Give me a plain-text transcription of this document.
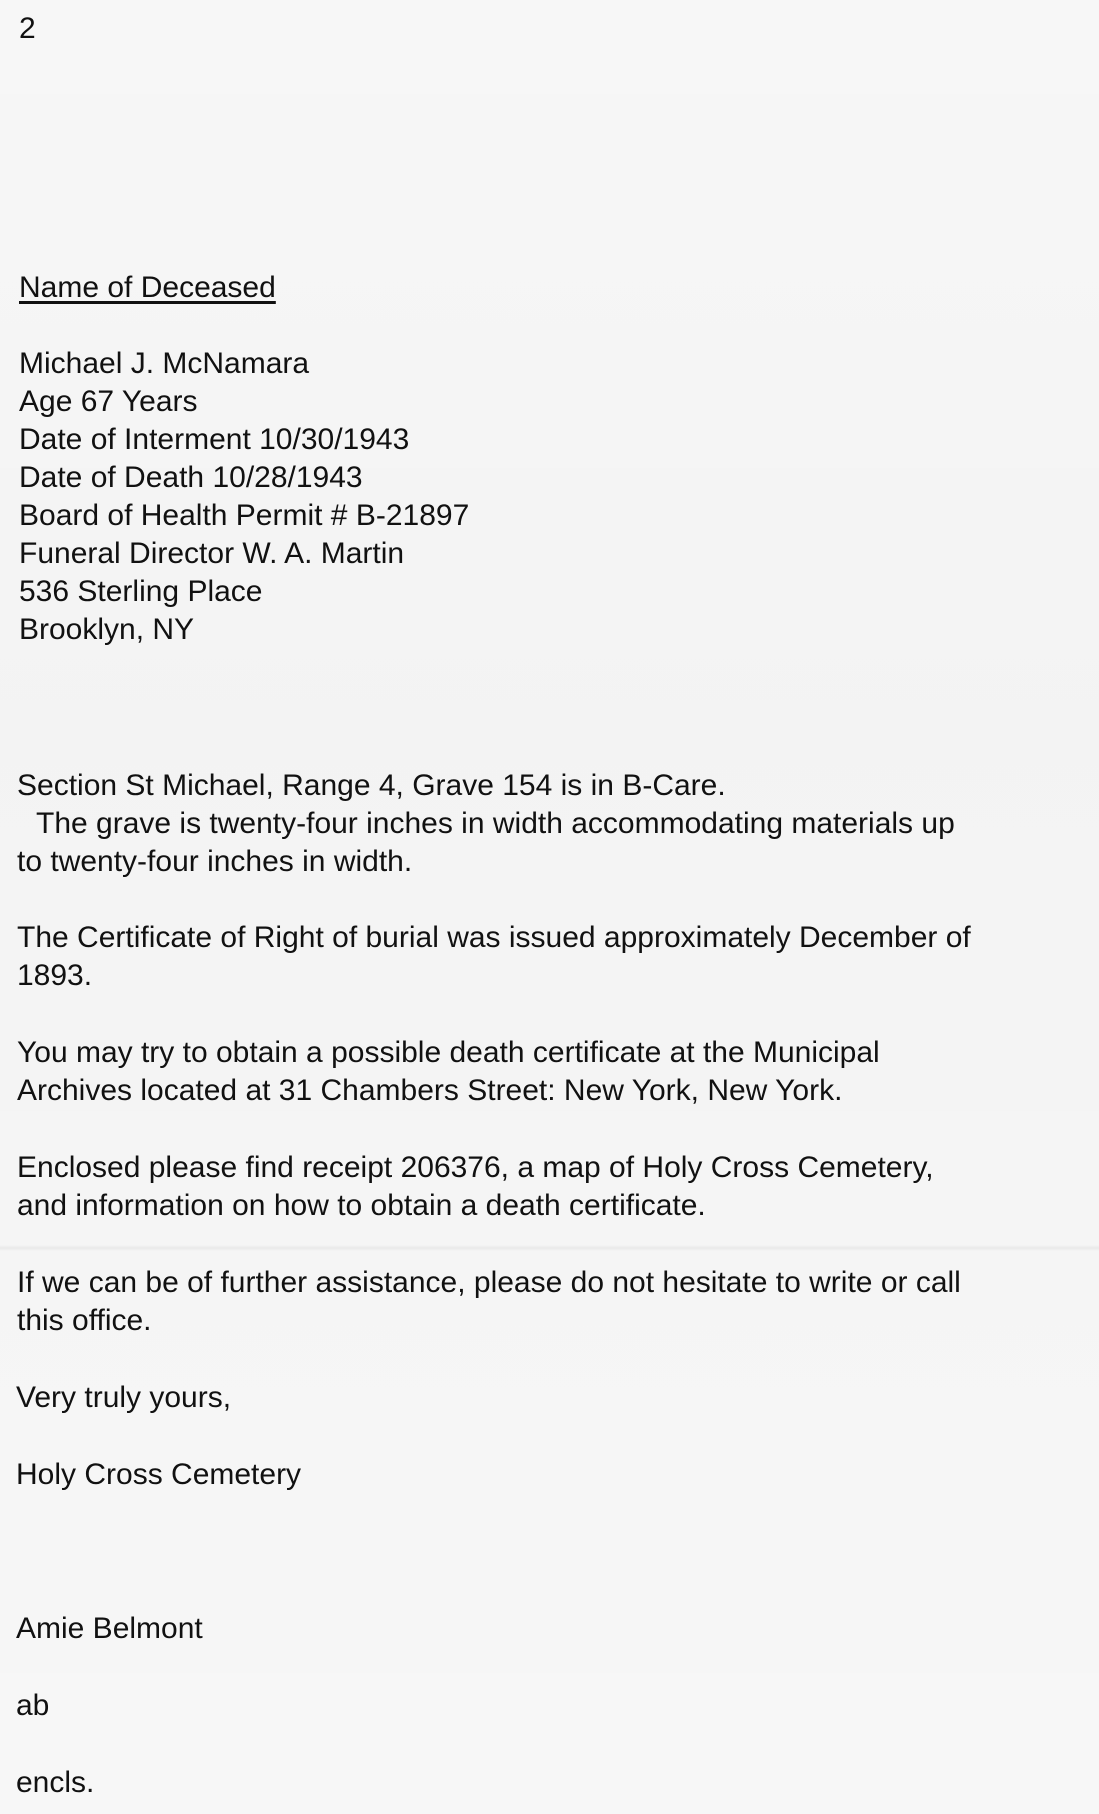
2

Name of Deceased

Michael J. McNamara

Age 67 Years

Date of Interment 10/30/1943

Date of Death 10/28/1943

Board of Health Permit # B-21897

Funeral Director W. A. Martin

536 Sterling Place

Brooklyn, NY

Section St Michael, Range 4, Grave 154 is in B-Care.
The grave is twenty-four inches in width accommodating materials up
to twenty-four inches in width.
The Certificate of Right of burial was issued approximately December of
1893.
You may try to obtain a possible death certificate at the Municipal
Archives located at 31 Chambers Street: New York, New York.
Enclosed please find receipt 206376, a map of Holy Cross Cemetery,
and information on how to obtain a death certificate.
If we can be of further assistance, please do not hesitate to write or call
this office.

Very truly yours,

Holy Cross Cemetery

Amie Belmont

ab

encls.
